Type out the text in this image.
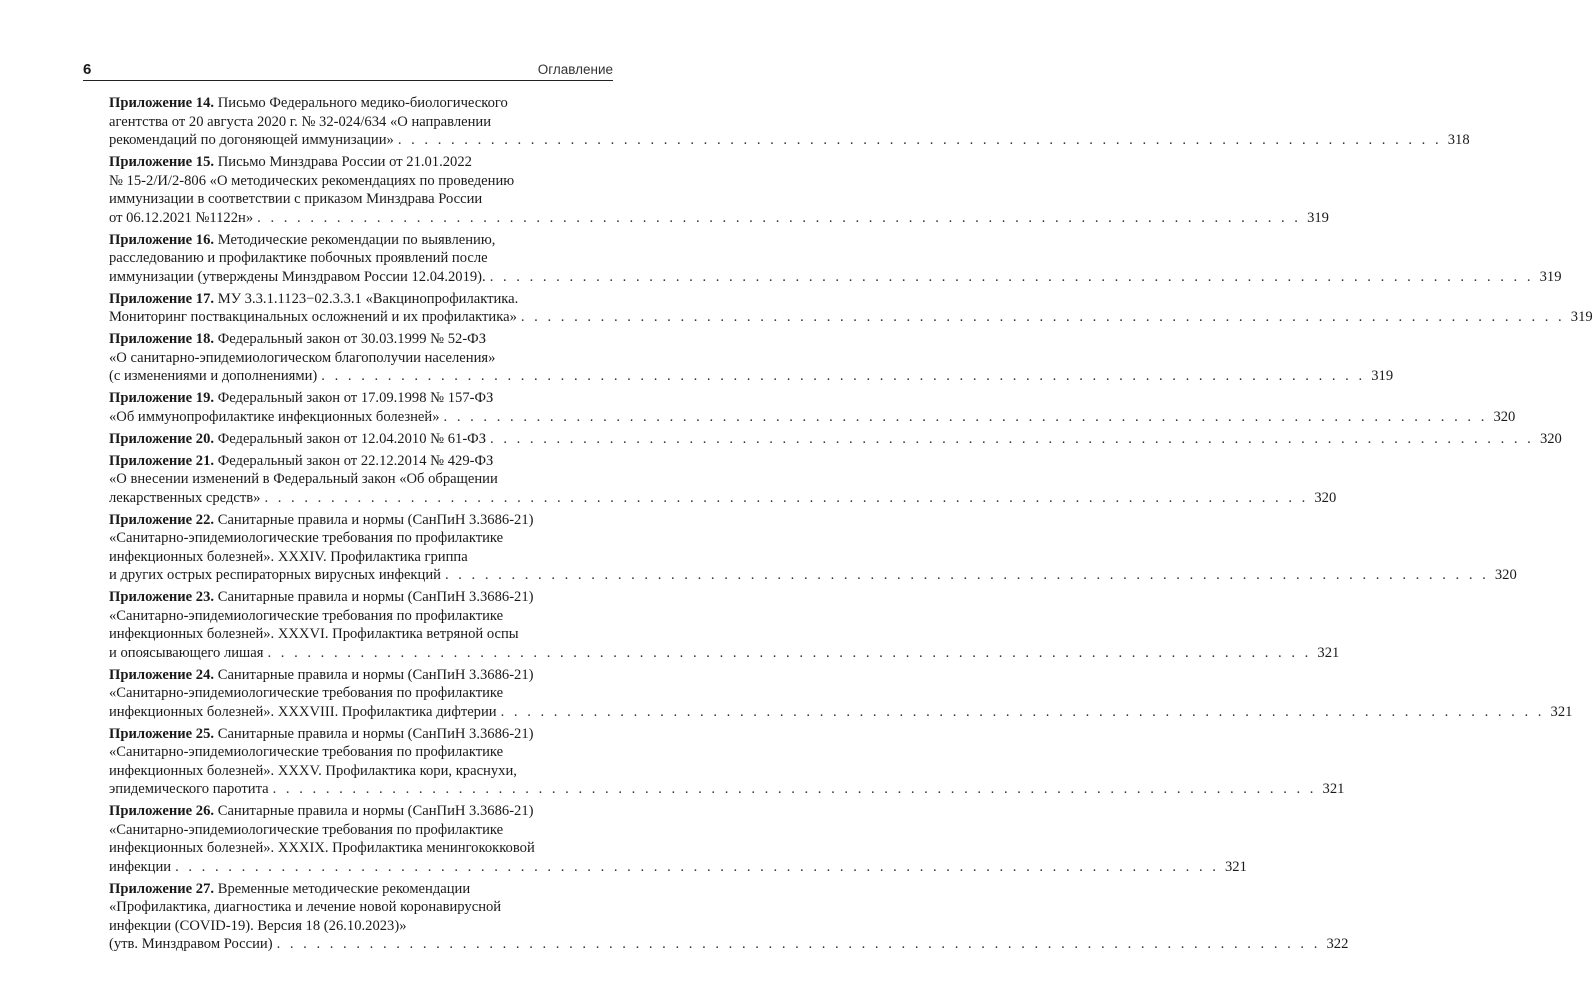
6	Оглавление
Приложение 14. Письмо Федерального медико-биологического
агентства от 20 августа 2020 г. № 32-024/634 «О направлении
рекомендаций по догоняющей иммунизации» . . . . . . . . . . . . . . . . . . . . . . . . . . . . . . . . . . . . . . . . . . . . . . . . . . . . . . . . . . . . . . . . . . . . . . . . . . . . . . . 318
Приложение 15. Письмо Минздрава России от 21.01.2022
№ 15-2/И/2-806 «О методических рекомендациях по проведению
иммунизации в соответствии с приказом Минздрава России
от 06.12.2021 №1122н» . . . . . . . . . . . . . . . . . . . . . . . . . . . . . . . . . . . . . . . . . . . . . . . . . . . . . . . . . . . . . . . . . . . . . . . . . . . . . . . 319
Приложение 16. Методические рекомендации по выявлению,
расследованию и профилактике побочных проявлений после
иммунизации (утверждены Минздравом России 12.04.2019). . . . . . . . . . . . . . . . . . . . . . . . . . . . . . . . . . . . . . . . . . . . . . . . . . . . . . . . . . . . . . . . . . . . . . . . . . . . . . . . 319
Приложение 17. МУ 3.3.1.1123−02.3.3.1 «Вакцинопрофилактика.
Мониторинг поствакцинальных осложнений и их профилактика» . . . . . . . . . . . . . . . . . . . . . . . . . . . . . . . . . . . . . . . . . . . . . . . . . . . . . . . . . . . . . . . . . . . . . . . . . . . . . . . 319
Приложение 18. Федеральный закон от 30.03.1999 № 52-ФЗ
«О санитарно-эпидемиологическом благополучии населения»
(с изменениями и дополнениями) . . . . . . . . . . . . . . . . . . . . . . . . . . . . . . . . . . . . . . . . . . . . . . . . . . . . . . . . . . . . . . . . . . . . . . . . . . . . . . . 319
Приложение 19. Федеральный закон от 17.09.1998 № 157-ФЗ
«Об иммунопрофилактике инфекционных болезней» . . . . . . . . . . . . . . . . . . . . . . . . . . . . . . . . . . . . . . . . . . . . . . . . . . . . . . . . . . . . . . . . . . . . . . . . . . . . . . . 320
Приложение 20. Федеральный закон от 12.04.2010 № 61-ФЗ . . . . . . . . . . . . . . . . . . . . . . . . . . . . . . . . . . . . . . . . . . . . . . . . . . . . . . . . . . . . . . . . . . . . . . . . . . . . . . . 320
Приложение 21. Федеральный закон от 22.12.2014 № 429-ФЗ
«О внесении изменений в Федеральный закон «Об обращении
лекарственных средств» . . . . . . . . . . . . . . . . . . . . . . . . . . . . . . . . . . . . . . . . . . . . . . . . . . . . . . . . . . . . . . . . . . . . . . . . . . . . . . . 320
Приложение 22. Санитарные правила и нормы (СанПиН 3.3686-21)
«Санитарно-эпидемиологические требования по профилактике
инфекционных болезней». XXXIV. Профилактика гриппа
и других острых респираторных вирусных инфекций . . . . . . . . . . . . . . . . . . . . . . . . . . . . . . . . . . . . . . . . . . . . . . . . . . . . . . . . . . . . . . . . . . . . . . . . . . . . . . . 320
Приложение 23. Санитарные правила и нормы (СанПиН 3.3686-21)
«Санитарно-эпидемиологические требования по профилактике
инфекционных болезней». XXXVI. Профилактика ветряной оспы
и опоясывающего лишая . . . . . . . . . . . . . . . . . . . . . . . . . . . . . . . . . . . . . . . . . . . . . . . . . . . . . . . . . . . . . . . . . . . . . . . . . . . . . . . 321
Приложение 24. Санитарные правила и нормы (СанПиН 3.3686-21)
«Санитарно-эпидемиологические требования по профилактике
инфекционных болезней». XXXVIII. Профилактика дифтерии . . . . . . . . . . . . . . . . . . . . . . . . . . . . . . . . . . . . . . . . . . . . . . . . . . . . . . . . . . . . . . . . . . . . . . . . . . . . . . . 321
Приложение 25. Санитарные правила и нормы (СанПиН 3.3686-21)
«Санитарно-эпидемиологические требования по профилактике
инфекционных болезней». XXXV. Профилактика кори, краснухи,
эпидемического паротита . . . . . . . . . . . . . . . . . . . . . . . . . . . . . . . . . . . . . . . . . . . . . . . . . . . . . . . . . . . . . . . . . . . . . . . . . . . . . . . 321
Приложение 26. Санитарные правила и нормы (СанПиН 3.3686-21)
«Санитарно-эпидемиологические требования по профилактике
инфекционных болезней». XXXIX. Профилактика менингококковой
инфекции . . . . . . . . . . . . . . . . . . . . . . . . . . . . . . . . . . . . . . . . . . . . . . . . . . . . . . . . . . . . . . . . . . . . . . . . . . . . . . . 321
Приложение 27. Временные методические рекомендации
«Профилактика, диагностика и лечение новой коронавирусной
инфекции (COVID-19). Версия 18 (26.10.2023)»
(утв. Минздравом России) . . . . . . . . . . . . . . . . . . . . . . . . . . . . . . . . . . . . . . . . . . . . . . . . . . . . . . . . . . . . . . . . . . . . . . . . . . . . . . . 322
